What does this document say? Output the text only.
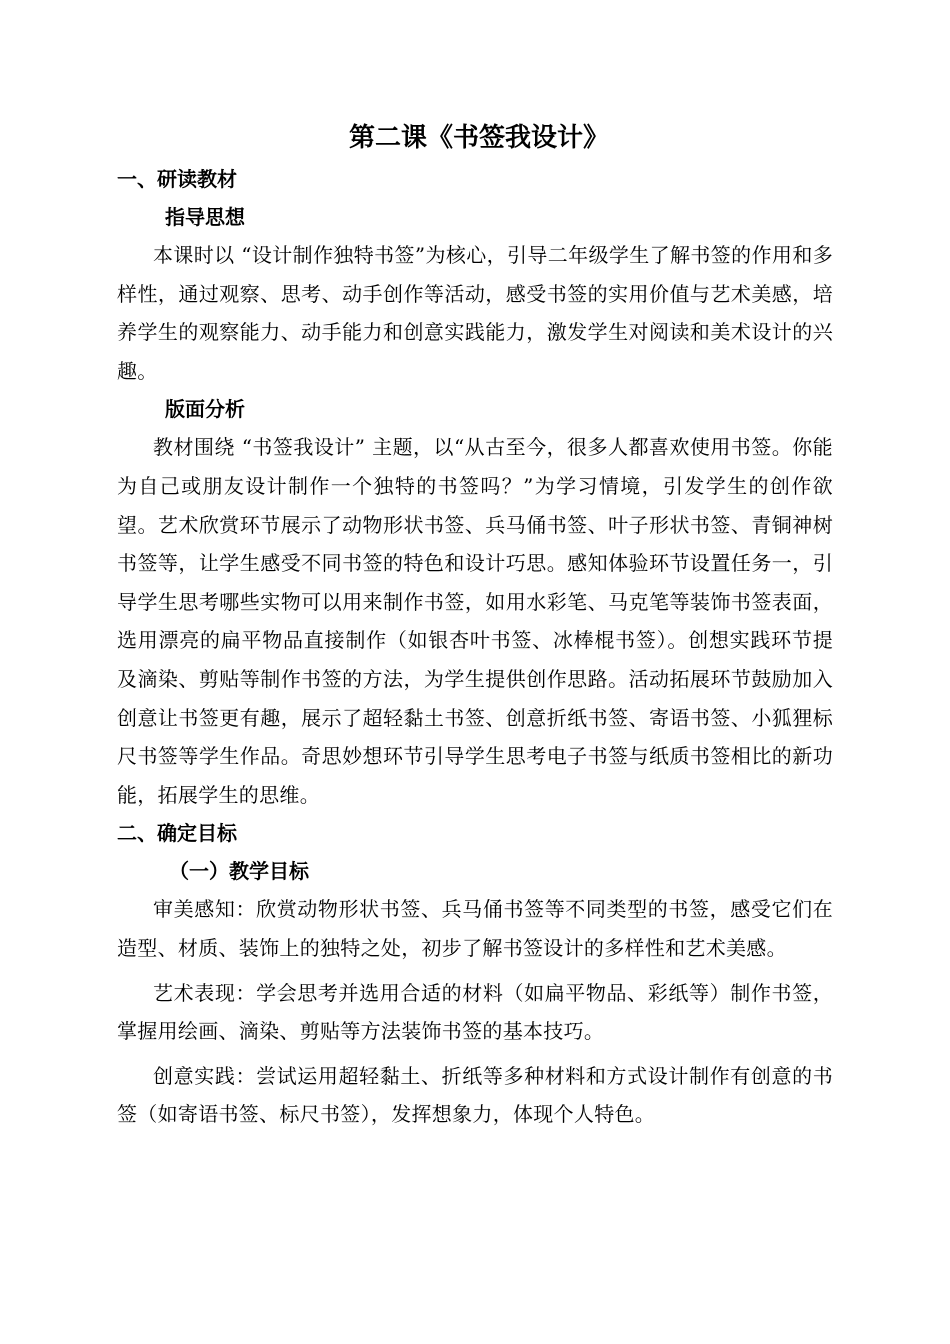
第二课《书签我设计》
一、研读教材
指导思想

本课时以 “设计制作独特书签”为核心，引导二年级学生了解书签的作用和多样性，通过观察、思考、动手创作等活动，感受书签的实用价值与艺术美感，培养学生的观察能力、动手能力和创意实践能力，激发学生对阅读和美术设计的兴趣。

版面分析

教材围绕 “书签我设计” 主题，以“从古至今，很多人都喜欢使用书签。你能为自己或朋友设计制作一个独特的书签吗？”为学习情境，引发学生的创作欲望。艺术欣赏环节展示了动物形状书签、兵马俑书签、叶子形状书签、青铜神树书签等，让学生感受不同书签的特色和设计巧思。感知体验环节设置任务一，引导学生思考哪些实物可以用来制作书签，如用水彩笔、马克笔等装饰书签表面，选用漂亮的扁平物品直接制作（如银杏叶书签、冰棒棍书签）。创想实践环节提及滴染、剪贴等制作书签的方法，为学生提供创作思路。活动拓展环节鼓励加入创意让书签更有趣，展示了超轻黏土书签、创意折纸书签、寄语书签、小狐狸标尺书签等学生作品。奇思妙想环节引导学生思考电子书签与纸质书签相比的新功能，拓展学生的思维。

二、确定目标
（一）教学目标

审美感知：欣赏动物形状书签、兵马俑书签等不同类型的书签，感受它们在造型、材质、装饰上的独特之处，初步了解书签设计的多样性和艺术美感。

艺术表现：学会思考并选用合适的材料（如扁平物品、彩纸等）制作书签，掌握用绘画、滴染、剪贴等方法装饰书签的基本技巧。

创意实践：尝试运用超轻黏土、折纸等多种材料和方式设计制作有创意的书签（如寄语书签、标尺书签），发挥想象力，体现个人特色。
